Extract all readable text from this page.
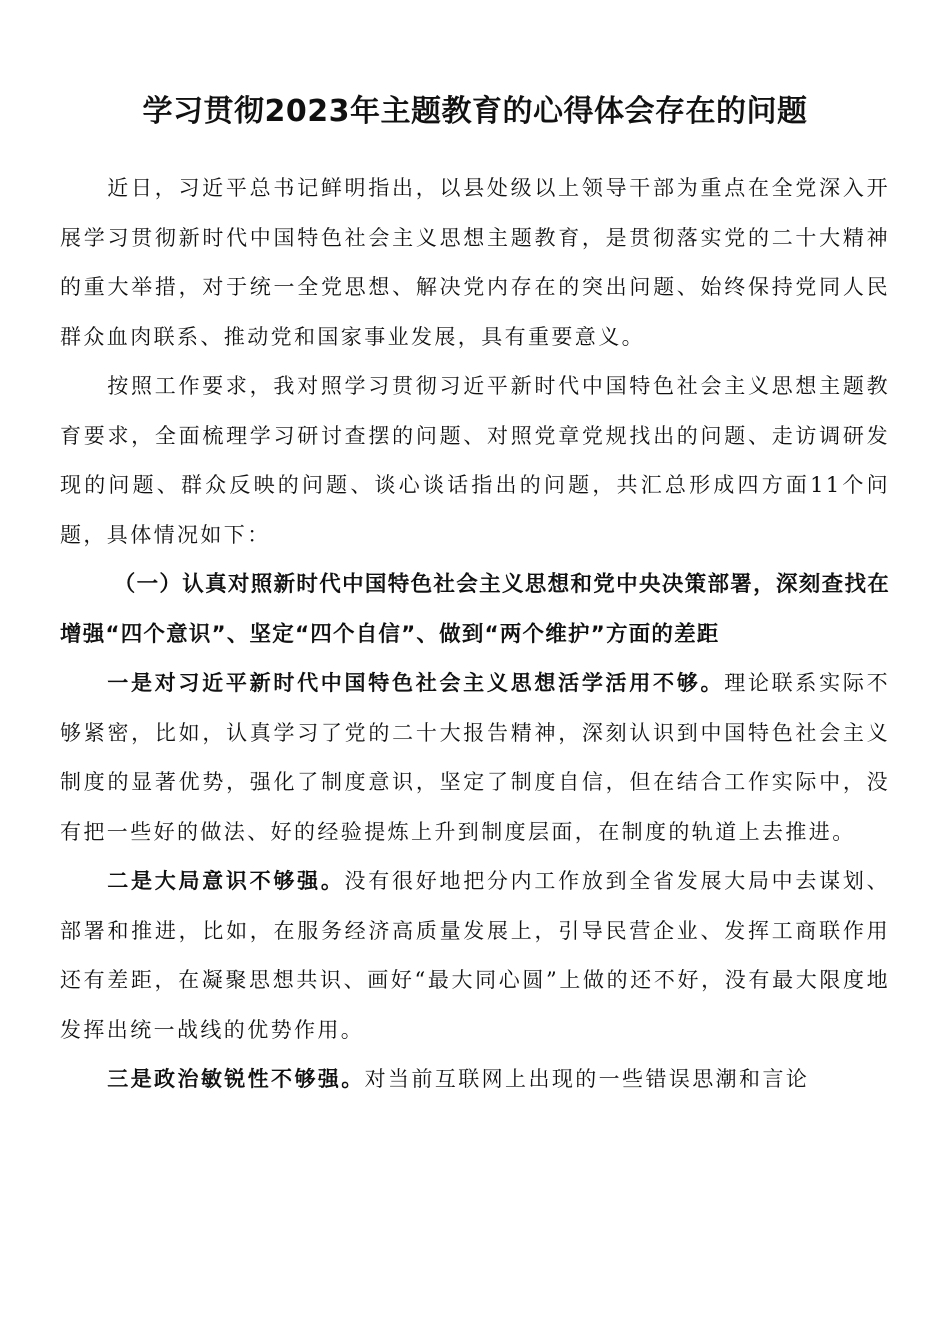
学习贯彻2023年主题教育的心得体会存在的问题

近日，习近平总书记鲜明指出，以县处级以上领导干部为重点在全党深入开展学习贯彻新时代中国特色社会主义思想主题教育，是贯彻落实党的二十大精神的重大举措，对于统一全党思想、解决党内存在的突出问题、始终保持党同人民群众血肉联系、推动党和国家事业发展，具有重要意义。

按照工作要求，我对照学习贯彻习近平新时代中国特色社会主义思想主题教育要求，全面梳理学习研讨查摆的问题、对照党章党规找出的问题、走访调研发现的问题、群众反映的问题、谈心谈话指出的问题，共汇总形成四方面11个问题，具体情况如下：

（一）认真对照新时代中国特色社会主义思想和党中央决策部署，深刻查找在增强“四个意识”、坚定“四个自信”、做到“两个维护”方面的差距

一是对习近平新时代中国特色社会主义思想活学活用不够。理论联系实际不够紧密，比如，认真学习了党的二十大报告精神，深刻认识到中国特色社会主义制度的显著优势，强化了制度意识，坚定了制度自信，但在结合工作实际中，没有把一些好的做法、好的经验提炼上升到制度层面，在制度的轨道上去推进。

二是大局意识不够强。没有很好地把分内工作放到全省发展大局中去谋划、部署和推进，比如，在服务经济高质量发展上，引导民营企业、发挥工商联作用还有差距，在凝聚思想共识、画好“最大同心圆”上做的还不好，没有最大限度地发挥出统一战线的优势作用。

三是政治敏锐性不够强。对当前互联网上出现的一些错误思潮和言论
